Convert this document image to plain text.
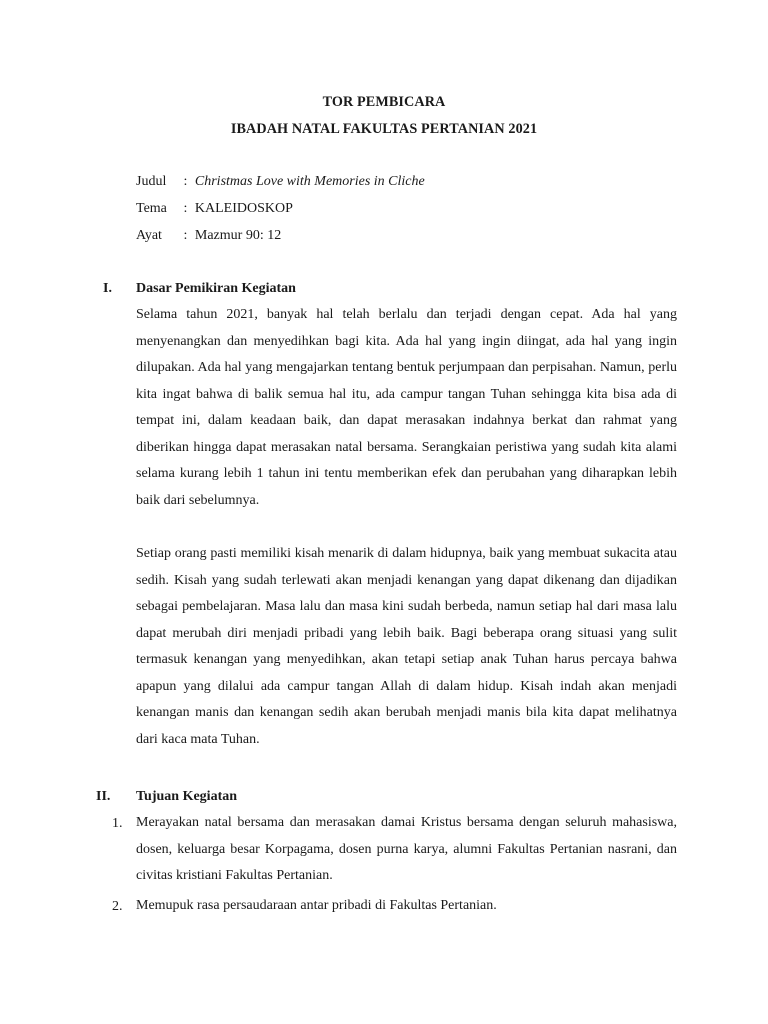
TOR PEMBICARA
IBADAH NATAL FAKULTAS PERTANIAN 2021
Judul : Christmas Love with Memories in Cliche
Tema : KALEIDOSKOP
Ayat : Mazmur 90: 12
I. Dasar Pemikiran Kegiatan
Selama tahun 2021, banyak hal telah berlalu dan terjadi dengan cepat. Ada hal yang menyenangkan dan menyedihkan bagi kita. Ada hal yang ingin diingat, ada hal yang ingin dilupakan. Ada hal yang mengajarkan tentang bentuk perjumpaan dan perpisahan. Namun, perlu kita ingat bahwa di balik semua hal itu, ada campur tangan Tuhan sehingga kita bisa ada di tempat ini, dalam keadaan baik, dan dapat merasakan indahnya berkat dan rahmat yang diberikan hingga dapat merasakan natal bersama. Serangkaian peristiwa yang sudah kita alami selama kurang lebih 1 tahun ini tentu memberikan efek dan perubahan yang diharapkan lebih baik dari sebelumnya.
Setiap orang pasti memiliki kisah menarik di dalam hidupnya, baik yang membuat sukacita atau sedih. Kisah yang sudah terlewati akan menjadi kenangan yang dapat dikenang dan dijadikan sebagai pembelajaran. Masa lalu dan masa kini sudah berbeda, namun setiap hal dari masa lalu dapat merubah diri menjadi pribadi yang lebih baik. Bagi beberapa orang situasi yang sulit termasuk kenangan yang menyedihkan, akan tetapi setiap anak Tuhan harus percaya bahwa apapun yang dilalui ada campur tangan Allah di dalam hidup. Kisah indah akan menjadi kenangan manis dan kenangan sedih akan berubah menjadi manis bila kita dapat melihatnya dari kaca mata Tuhan.
II. Tujuan Kegiatan
1. Merayakan natal bersama dan merasakan damai Kristus bersama dengan seluruh mahasiswa, dosen, keluarga besar Korpagama, dosen purna karya, alumni Fakultas Pertanian nasrani, dan civitas kristiani Fakultas Pertanian.
2. Memupuk rasa persaudaraan antar pribadi di Fakultas Pertanian.
